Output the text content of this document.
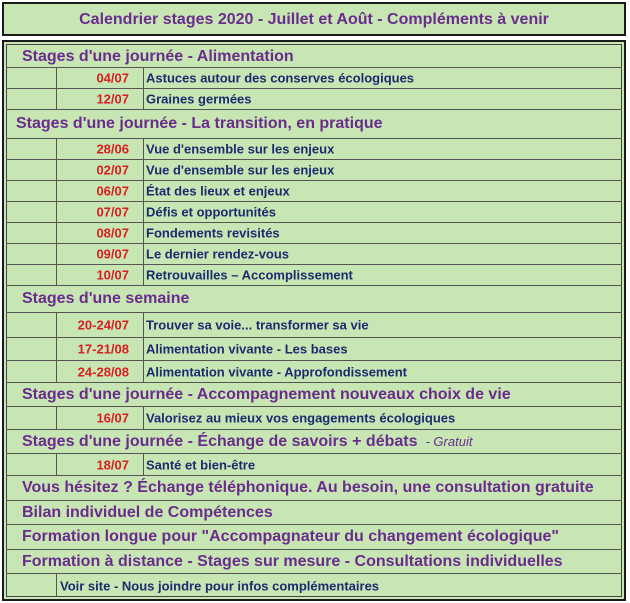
Calendrier stages 2020 - Juillet et Août - Compléments à venir
Stages d'une journée - Alimentation
04/07 Astuces autour des conserves écologiques
12/07 Graines germées
Stages d'une journée - La transition, en pratique
28/06 Vue d'ensemble sur les enjeux
02/07 Vue d'ensemble sur les enjeux
06/07 État des lieux et enjeux
07/07 Défis et opportunités
08/07 Fondements revisités
09/07 Le dernier rendez-vous
10/07 Retrouvailles – Accomplissement
Stages d'une semaine
20-24/07 Trouver sa voie... transformer sa vie
17-21/08 Alimentation vivante - Les bases
24-28/08 Alimentation vivante - Approfondissement
Stages d'une journée - Accompagnement nouveaux choix de vie
16/07 Valorisez au mieux vos engagements écologiques
Stages d'une journée - Échange de savoirs + débats - Gratuit
18/07 Santé et bien-être
Vous hésitez ? Échange téléphonique. Au besoin, une consultation gratuite
Bilan individuel de Compétences
Formation longue pour "Accompagnateur du changement écologique"
Formation à distance - Stages sur mesure - Consultations individuelles
Voir site - Nous joindre pour infos complémentaires
